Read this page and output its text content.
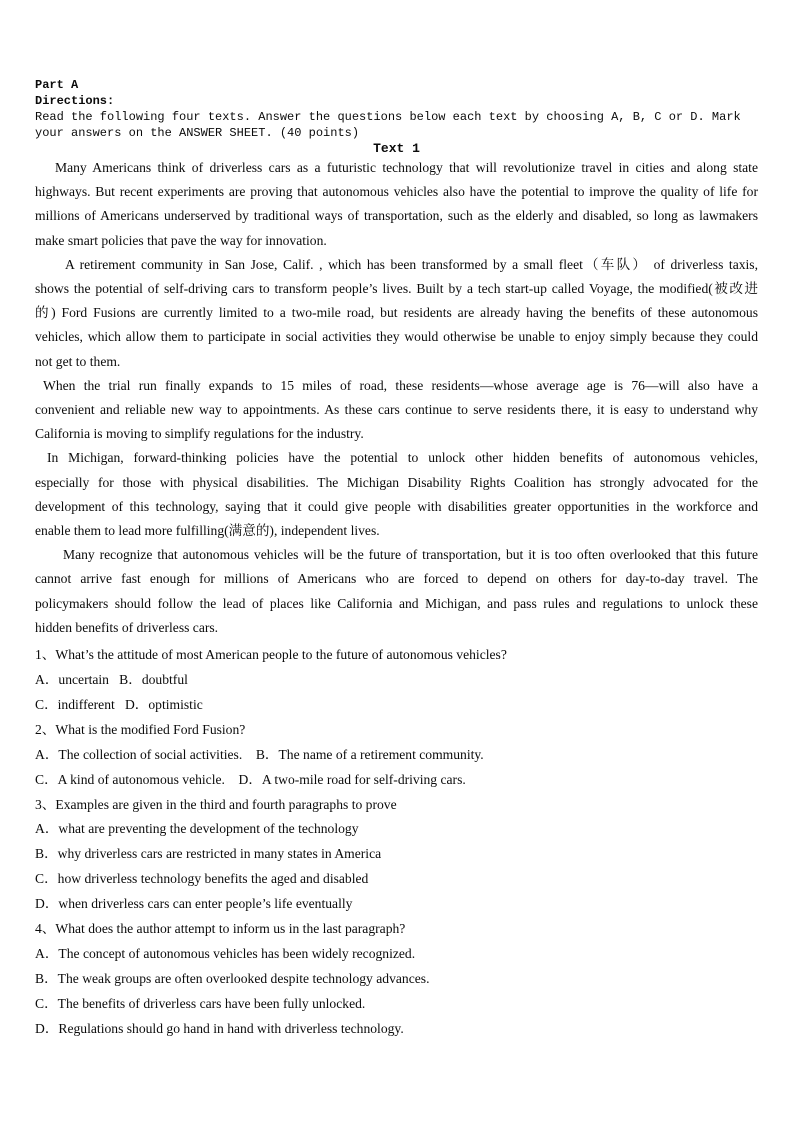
Part A
Directions:
Read the following four texts. Answer the questions below each text by choosing A, B, C or D. Mark
your answers on the ANSWER SHEET. (40 points)
Text 1
Many Americans think of driverless cars as a futuristic technology that will revolutionize travel in cities and along state
highways. But recent experiments are proving that autonomous vehicles also have the potential to improve the quality of life for
millions of Americans underserved by traditional ways of transportation, such as the elderly and disabled, so long as lawmakers
make smart policies that pave the way for innovation.
A retirement community in San Jose, Calif. , which has been transformed by a small fleet（车队） of driverless taxis,
shows the potential of self-driving cars to transform people’s lives. Built by a tech start-up called Voyage, the modified(被改进
的) Ford Fusions are currently limited to a two-mile road, but residents are already having the benefits of these autonomous
vehicles, which allow them to participate in social activities they would otherwise be unable to enjoy simply because they could
not get to them.
When the trial run finally expands to 15 miles of road, these residents—whose average age is 76—will also have a
convenient and reliable new way to appointments. As these cars continue to serve residents there, it is easy to understand why
California is moving to simplify regulations for the industry.
In Michigan, forward-thinking policies have the potential to unlock other hidden benefits of autonomous vehicles,
especially for those with physical disabilities. The Michigan Disability Rights Coalition has strongly advocated for the
development of this technology, saying that it could give people with disabilities greater opportunities in the workforce and
enable them to lead more fulfilling(满意的), independent lives.
Many recognize that autonomous vehicles will be the future of transportation, but it is too often overlooked that this future
cannot arrive fast enough for millions of Americans who are forced to depend on others for day-to-day travel. The
policymakers should follow the lead of places like California and Michigan, and pass rules and regulations to unlock these
hidden benefits of driverless cars.
1、What’s the attitude of most American people to the future of autonomous vehicles?
A．uncertain   B．doubtful
C．indifferent   D．optimistic
2、What is the modified Ford Fusion?
A．The collection of social activities.    B．The name of a retirement community.
C．A kind of autonomous vehicle.    D．A two-mile road for self-driving cars.
3、Examples are given in the third and fourth paragraphs to prove
A．what are preventing the development of the technology
B．why driverless cars are restricted in many states in America
C．how driverless technology benefits the aged and disabled
D．when driverless cars can enter people’s life eventually
4、What does the author attempt to inform us in the last paragraph?
A．The concept of autonomous vehicles has been widely recognized.
B．The weak groups are often overlooked despite technology advances.
C．The benefits of driverless cars have been fully unlocked.
D．Regulations should go hand in hand with driverless technology.
